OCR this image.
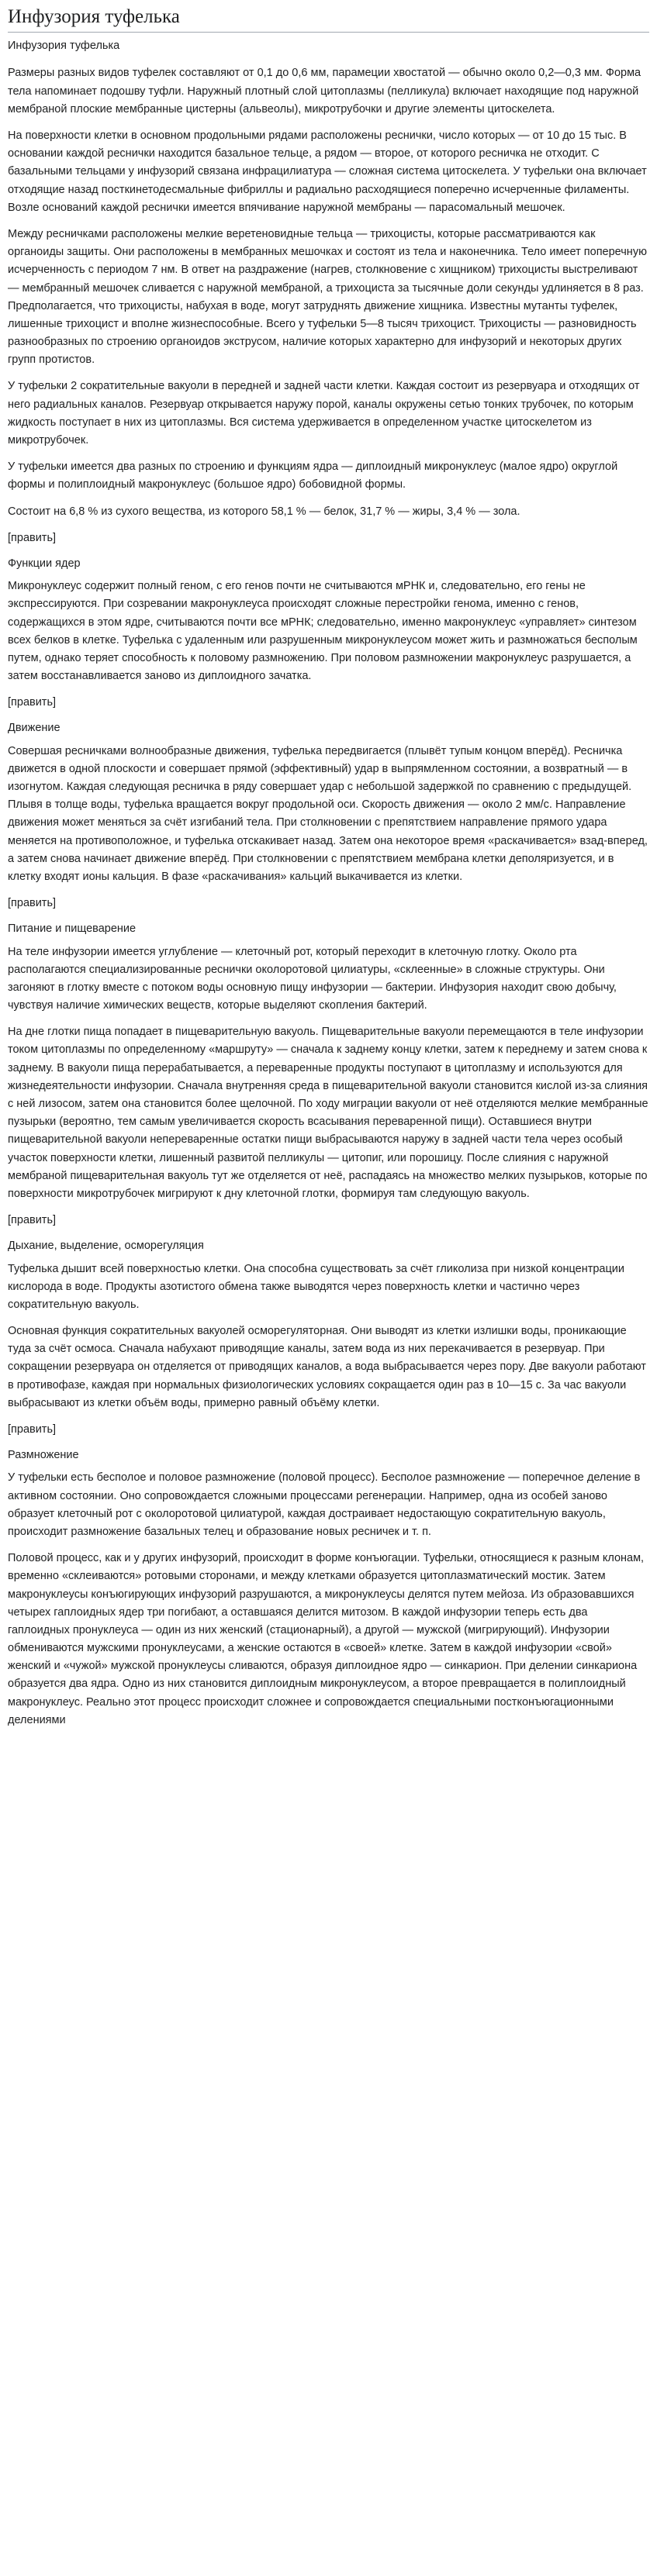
Инфузория туфелька
Инфузория туфелька

Размеры разных видов туфелек составляют от 0,1 до 0,6 мм, парамеции хвостатой — обычно около 0,2—0,3 мм. Форма тела напоминает подошву туфли. Наружный плотный слой цитоплазмы (пелликула) включает находящие под наружной мембраной плоские мембранные цистерны (альвеолы), микротрубочки и другие элементы цитоскелета.

На поверхности клетки в основном продольными рядами расположены реснички, число которых — от 10 до 15 тыс. В основании каждой реснички находится базальное тельце, а рядом — второе, от которого ресничка не отходит. С базальными тельцами у инфузорий связана инфрацилиатура — сложная система цитоскелета. У туфельки она включает отходящие назад посткинетодесмальные фибриллы и радиально расходящиеся поперечно исчерченные филаменты. Возле оснований каждой реснички имеется впячивание наружной мембраны — парасомальный мешочек.

Между ресничками расположены мелкие веретеновидные тельца — трихоцисты, которые рассматриваются как органоиды защиты. Они расположены в мембранных мешочках и состоят из тела и наконечника. Тело имеет поперечную исчерченность с периодом 7 нм. В ответ на раздражение (нагрев, столкновение с хищником) трихоцисты выстреливают — мембранный мешочек сливается с наружной мембраной, а трихоциста за тысячные доли секунды удлиняется в 8 раз. Предполагается, что трихоцисты, набухая в воде, могут затруднять движение хищника. Известны мутанты туфелек, лишенные трихоцист и вполне жизнеспособные. Всего у туфельки 5—8 тысяч трихоцист. Трихоцисты — разновидность разнообразных по строению органоидов экструсом, наличие которых характерно для инфузорий и некоторых других групп протистов.

У туфельки 2 сократительные вакуоли в передней и задней части клетки. Каждая состоит из резервуара и отходящих от него радиальных каналов. Резервуар открывается наружу порой, каналы окружены сетью тонких трубочек, по которым жидкость поступает в них из цитоплазмы. Вся система удерживается в определенном участке цитоскелетом из микротрубочек.

У туфельки имеется два разных по строению и функциям ядра — диплоидный микронуклеус (малое ядро) округлой формы и полиплоидный макронуклеус (большое ядро) бобовидной формы.

Состоит на 6,8 % из сухого вещества, из которого 58,1 % — белок, 31,7 % — жиры, 3,4 % — зола.

[править]
Функции ядер

Микронуклеус содержит полный геном, с его генов почти не считываются мРНК и, следовательно, его гены не экспрессируются. При созревании макронуклеуса происходят сложные перестройки генома, именно с генов, содержащихся в этом ядре, считываются почти все мРНК; следовательно, именно макронуклеус «управляет» синтезом всех белков в клетке. Туфелька с удаленным или разрушенным микронуклеусом может жить и размножаться бесполым путем, однако теряет способность к половому размножению. При половом размножении макронуклеус разрушается, а затем восстанавливается заново из диплоидного зачатка.

[править]
Движение

Совершая ресничками волнообразные движения, туфелька передвигается (плывёт тупым концом вперёд). Ресничка движется в одной плоскости и совершает прямой (эффективный) удар в выпрямленном состоянии, а возвратный — в изогнутом. Каждая следующая ресничка в ряду совершает удар с небольшой задержкой по сравнению с предыдущей. Плывя в толще воды, туфелька вращается вокруг продольной оси. Скорость движения — около 2 мм/с. Направление движения может меняться за счёт изгибаний тела. При столкновении с препятствием направление прямого удара меняется на противоположное, и туфелька отскакивает назад. Затем она некоторое время «раскачивается» взад-вперед, а затем снова начинает движение вперёд. При столкновении с препятствием мембрана клетки деполяризуется, и в клетку входят ионы кальция. В фазе «раскачивания» кальций выкачивается из клетки.

[править]
Питание и пищеварение

На теле инфузории имеется углубление — клеточный рот, который переходит в клеточную глотку. Около рта располагаются специализированные реснички околоротовой цилиатуры, «склеенные» в сложные структуры. Они загоняют в глотку вместе с потоком воды основную пищу инфузории — бактерии. Инфузория находит свою добычу, чувствуя наличие химических веществ, которые выделяют скопления бактерий.

На дне глотки пища попадает в пищеварительную вакуоль. Пищеварительные вакуоли перемещаются в теле инфузории током цитоплазмы по определенному «маршруту» — сначала к заднему концу клетки, затем к переднему и затем снова к заднему. В вакуоли пища перерабатывается, а переваренные продукты поступают в цитоплазму и используются для жизнедеятельности инфузории. Сначала внутренняя среда в пищеварительной вакуоли становится кислой из-за слияния с ней лизосом, затем она становится более щелочной. По ходу миграции вакуоли от неё отделяются мелкие мембранные пузырьки (вероятно, тем самым увеличивается скорость всасывания переваренной пищи). Оставшиеся внутри пищеварительной вакуоли непереваренные остатки пищи выбрасываются наружу в задней части тела через особый участок поверхности клетки, лишенный развитой пелликулы — цитопиг, или порошицу. После слияния с наружной мембраной пищеварительная вакуоль тут же отделяется от неё, распадаясь на множество мелких пузырьков, которые по поверхности микротрубочек мигрируют к дну клеточной глотки, формируя там следующую вакуоль.

[править]
Дыхание, выделение, осморегуляция

Туфелька дышит всей поверхностью клетки. Она способна существовать за счёт гликолиза при низкой концентрации кислорода в воде. Продукты азотистого обмена также выводятся через поверхность клетки и частично через сократительную вакуоль.

Основная функция сократительных вакуолей осморегуляторная. Они выводят из клетки излишки воды, проникающие туда за счёт осмоса. Сначала набухают приводящие каналы, затем вода из них перекачивается в резервуар. При сокращении резервуара он отделяется от приводящих каналов, а вода выбрасывается через пору. Две вакуоли работают в противофазе, каждая при нормальных физиологических условиях сокращается один раз в 10—15 с. За час вакуоли выбрасывают из клетки объём воды, примерно равный объёму клетки.

[править]
Размножение

У туфельки есть бесполое и половое размножение (половой процесс). Бесполое размножение — поперечное деление в активном состоянии. Оно сопровождается сложными процессами регенерации. Например, одна из особей заново образует клеточный рот с околоротовой цилиатурой, каждая достраивает недостающую сократительную вакуоль, происходит размножение базальных телец и образование новых ресничек и т. п.

Половой процесс, как и у других инфузорий, происходит в форме конъюгации. Туфельки, относящиеся к разным клонам, временно «склеиваются» ротовыми сторонами, и между клетками образуется цитоплазматический мостик. Затем макронуклеусы конъюгирующих инфузорий разрушаются, а микронуклеусы делятся путем мейоза. Из образовавшихся четырех гаплоидных ядер три погибают, а оставшаяся делится митозом. В каждой инфузории теперь есть два гаплоидных пронуклеуса — один из них женский (стационарный), а другой — мужской (мигрирующий). Инфузории обмениваются мужскими пронуклеусами, а женские остаются в «своей» клетке. Затем в каждой инфузории «свой» женский и «чужой» мужской пронуклеусы сливаются, образуя диплоидное ядро — синкарион. При делении синкариона образуется два ядра. Одно из них становится диплоидным микронуклеусом, а второе превращается в полиплоидный макронуклеус. Реально этот процесс происходит сложнее и сопровождается специальными постконъюгационными делениями
